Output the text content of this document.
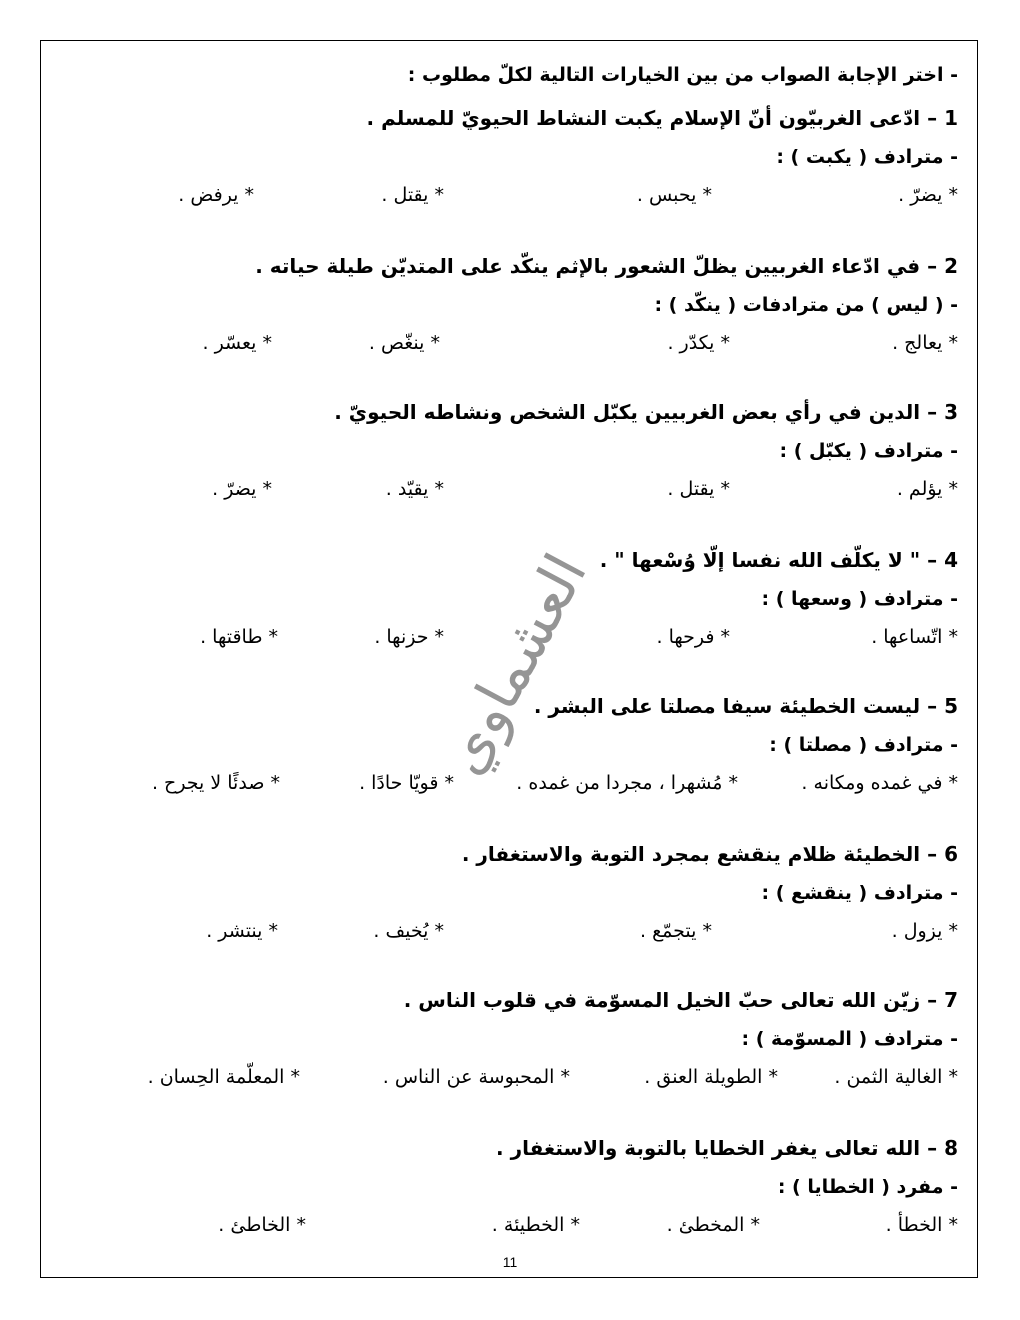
- اختر الإجابة الصواب من بين الخيارات التالية لكلّ مطلوب :
1 – ادّعى الغربيّون أنّ الإسلام يكبت النشاط الحيويّ للمسلم .
- مترادف ( يكبت ) :
* يضرّ .
* يحبس .
* يقتل .
* يرفض .
2 – في ادّعاء الغربيين يظلّ الشعور بالإثم ينكّد على المتديّن طيلة حياته .
- ( ليس ) من مترادفات ( ينكّد ) :
* يعالج .
* يكدّر .
* ينغّص .
* يعسّر .
3 – الدين في رأي بعض الغربيين يكبّل الشخص ونشاطه الحيويّ .
- مترادف ( يكبّل ) :
* يؤلم .
* يقتل .
* يقيّد .
* يضرّ .
4 – " لا يكلّف الله نفسا إلّا وُسْعها " .
- مترادف ( وسعها ) :
* اتّساعها .
* فرحها .
* حزنها .
* طاقتها .
5 – ليست الخطيئة سيفا مصلتا على البشر .
- مترادف ( مصلتا ) :
* في غمده ومكانه .
* مُشهرا ، مجردا من غمده .
* قويّا حادًا .
* صدئًا لا يجرح .
6 – الخطيئة ظلام ينقشع بمجرد التوبة والاستغفار .
- مترادف ( ينقشع ) :
* يزول .
* يتجمّع .
* يُخيف .
* ينتشر .
7 – زيّن الله تعالى حبّ الخيل المسوّمة في قلوب الناس .
- مترادف ( المسوّمة ) :
* الغالية الثمن .
* الطويلة العنق .
* المحبوسة عن الناس .
* المعلّمة الحِسان .
8 – الله تعالى يغفر الخطايا بالتوبة والاستغفار .
- مفرد ( الخطايا ) :
* الخطأ .
* المخطئ .
* الخطيئة .
* الخاطئ .
العشماوي
11
